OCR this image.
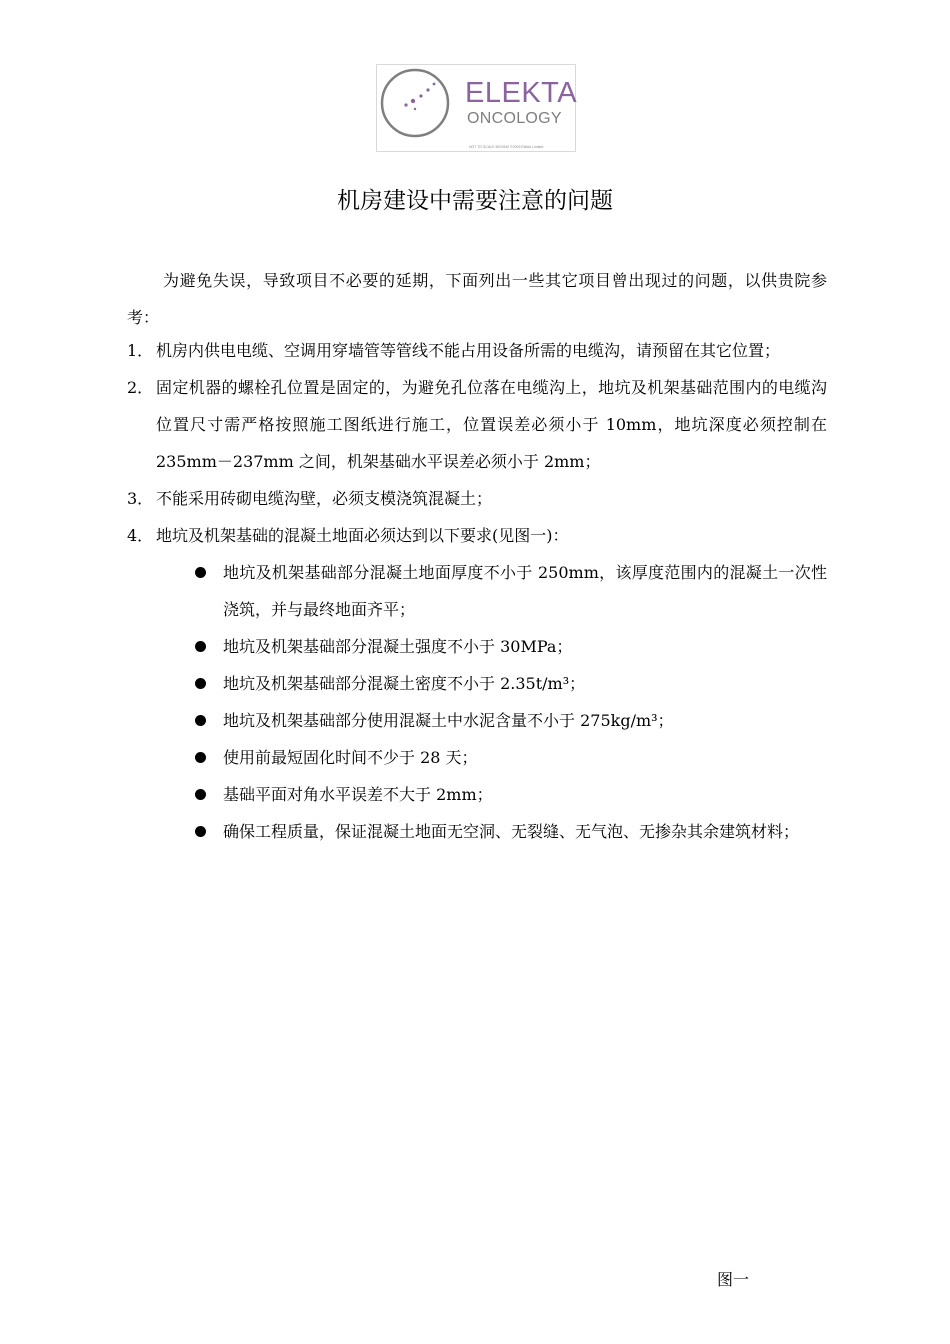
ELEKTA
ONCOLOGY
NOT TO SCALE 5001540 ©2009 Elekta Limited
机房建设中需要注意的问题
为避免失误，导致项目不必要的延期，下面列出一些其它项目曾出现过的问题，以供贵院参考：
1． 机房内供电电缆、空调用穿墙管等管线不能占用设备所需的电缆沟，请预留在其它位置；
2． 固定机器的螺栓孔位置是固定的，为避免孔位落在电缆沟上，地坑及机架基础范围内的电缆沟位置尺寸需严格按照施工图纸进行施工，位置误差必须小于 10mm，地坑深度必须控制在 235mm－237mm 之间，机架基础水平误差必须小于 2mm；
3． 不能采用砖砌电缆沟壁，必须支模浇筑混凝土；
4． 地坑及机架基础的混凝土地面必须达到以下要求(见图一)：
地坑及机架基础部分混凝土地面厚度不小于 250mm，该厚度范围内的混凝土一次性浇筑，并与最终地面齐平；
地坑及机架基础部分混凝土强度不小于 30MPa；
地坑及机架基础部分混凝土密度不小于 2.35t/m³；
地坑及机架基础部分使用混凝土中水泥含量不小于 275kg/m³；
使用前最短固化时间不少于 28 天；
基础平面对角水平误差不大于 2mm；
确保工程质量，保证混凝土地面无空洞、无裂缝、无气泡、无掺杂其余建筑材料；
图一
